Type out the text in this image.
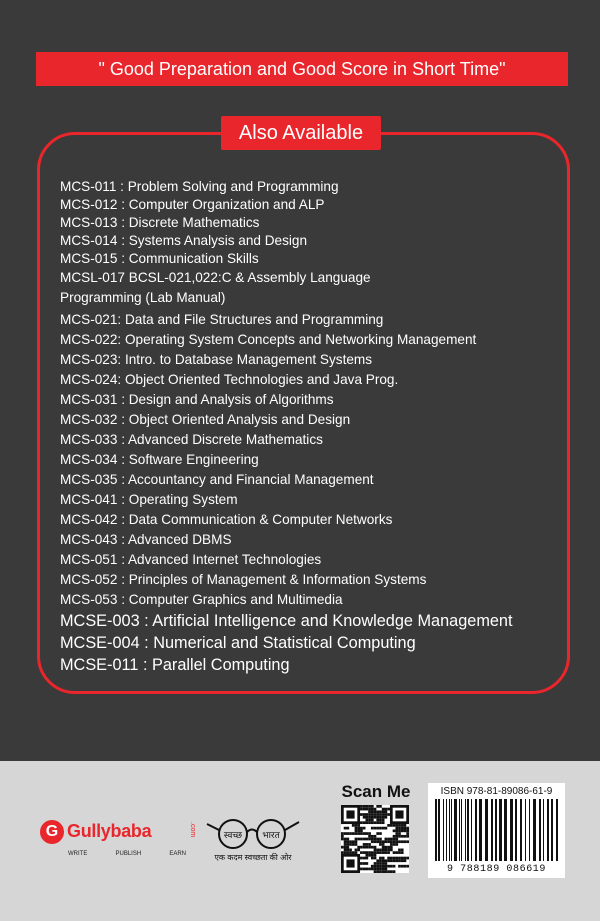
" Good Preparation and Good Score in Short Time"
Also Available
MCS-011 : Problem Solving and Programming
MCS-012 : Computer Organization and ALP
MCS-013 : Discrete Mathematics
MCS-014 : Systems Analysis and Design
MCS-015 : Communication Skills
MCSL-017 BCSL-021,022:C & Assembly Language
Programming (Lab Manual)
MCS-021: Data and File Structures and Programming
MCS-022: Operating System Concepts and Networking Management
MCS-023: Intro. to Database Management Systems
MCS-024: Object Oriented Technologies and Java Prog.
MCS-031 : Design and Analysis of Algorithms
MCS-032 : Object Oriented Analysis and Design
MCS-033 : Advanced Discrete Mathematics
MCS-034 : Software Engineering
MCS-035 : Accountancy and Financial Management
MCS-041 : Operating System
MCS-042 : Data Communication & Computer Networks
MCS-043 : Advanced DBMS
MCS-051 : Advanced Internet Technologies
MCS-052 : Principles of Management & Information Systems
MCS-053 : Computer Graphics and Multimedia
MCSE-003 : Artificial Intelligence and Knowledge Management
MCSE-004 : Numerical and Statistical Computing
MCSE-011 : Parallel Computing
G Gullybaba	.com
WRITE	PUBLISH	EARN
स्वच्छ भारत
एक कदम स्वच्छता की ओर
Scan Me	ISBN 978-81-89086-61-9
9 788189 086619
